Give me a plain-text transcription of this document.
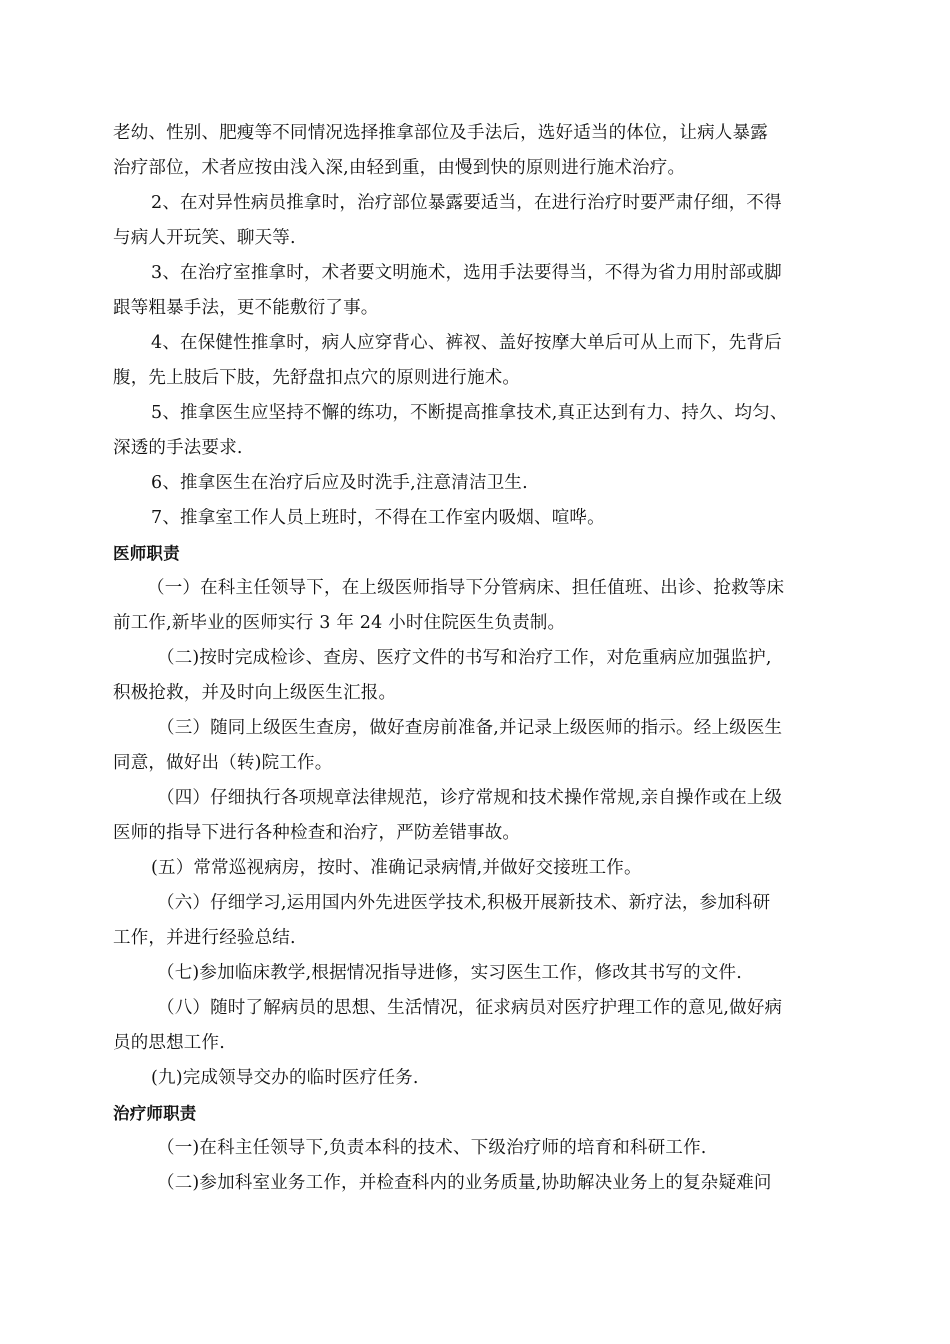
老幼、性别、肥瘦等不同情况选择推拿部位及手法后，选好适当的体位，让病人暴露
治疗部位，术者应按由浅入深,由轻到重，由慢到快的原则进行施术治疗。
2、在对异性病员推拿时，治疗部位暴露要适当，在进行治疗时要严肃仔细，不得
与病人开玩笑、聊天等.
3、在治疗室推拿时，术者要文明施术，选用手法要得当，不得为省力用肘部或脚
跟等粗暴手法，更不能敷衍了事。
4、在保健性推拿时，病人应穿背心、裤衩、盖好按摩大单后可从上而下，先背后
腹，先上肢后下肢，先舒盘扣点穴的原则进行施术。
5、推拿医生应坚持不懈的练功，不断提高推拿技术,真正达到有力、持久、均匀、
深透的手法要求.
6、推拿医生在治疗后应及时洗手,注意清洁卫生.
7、推拿室工作人员上班时，不得在工作室内吸烟、喧哗。
医师职责
（一）在科主任领导下，在上级医师指导下分管病床、担任值班、出诊、抢救等床
前工作,新毕业的医师实行 3 年 24 小时住院医生负责制。
（二)按时完成检诊、查房、医疗文件的书写和治疗工作，对危重病应加强监护,
积极抢救，并及时向上级医生汇报。
（三）随同上级医生查房，做好查房前准备,并记录上级医师的指示。经上级医生
同意，做好出（转)院工作。
（四）仔细执行各项规章法律规范，诊疗常规和技术操作常规,亲自操作或在上级
医师的指导下进行各种检查和治疗，严防差错事故。
(五）常常巡视病房，按时、准确记录病情,并做好交接班工作。
（六）仔细学习,运用国内外先进医学技术,积极开展新技术、新疗法，参加科研
工作，并进行经验总结.
（七)参加临床教学,根据情况指导进修，实习医生工作，修改其书写的文件.
（八）随时了解病员的思想、生活情况，征求病员对医疗护理工作的意见,做好病
员的思想工作.
(九)完成领导交办的临时医疗任务.
治疗师职责
（一)在科主任领导下,负责本科的技术、下级治疗师的培育和科研工作.
（二)参加科室业务工作，并检查科内的业务质量,协助解决业务上的复杂疑难问
